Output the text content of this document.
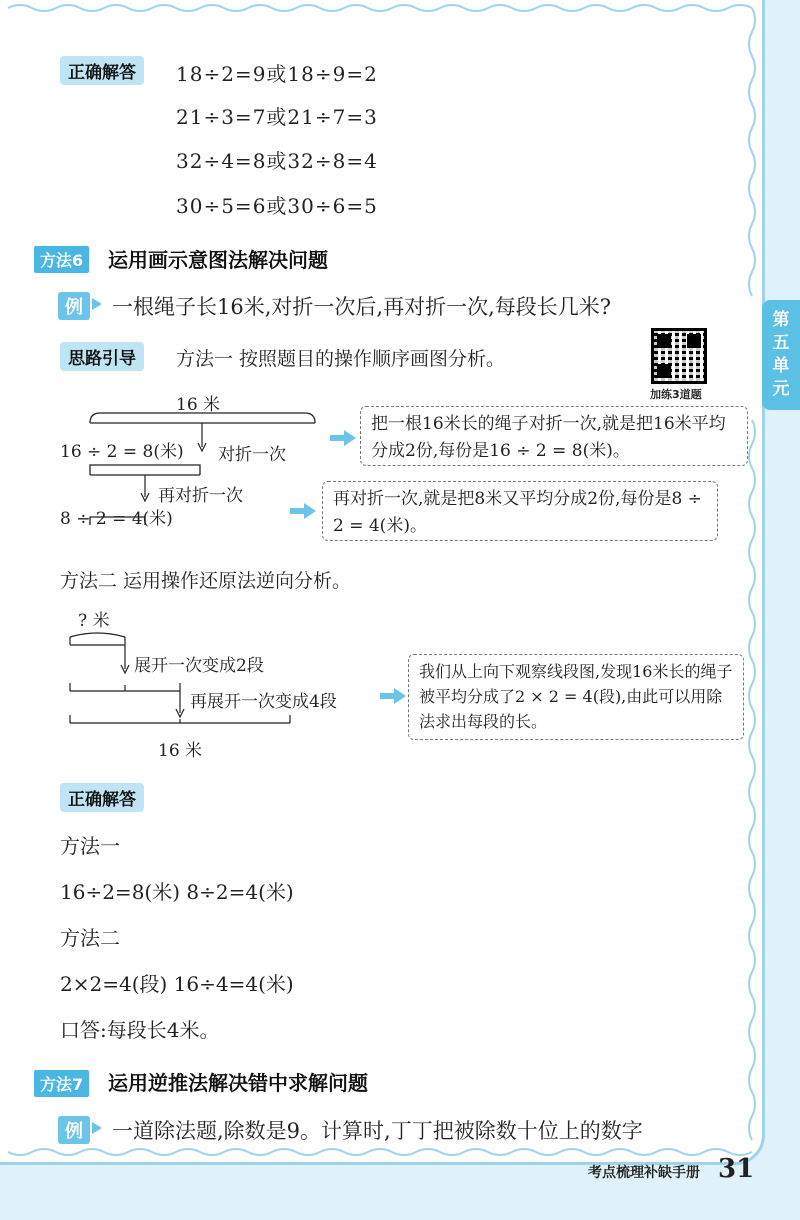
第五单元
正确解答	18÷2=9或18÷9=2
21÷3=7或21÷7=3
32÷4=8或32÷8=4
30÷5=6或30÷6=5
方法6	运用画示意图法解决问题
例	一根绳子长16米,对折一次后,再对折一次,每段长几米?
思路引导	方法一 按照题目的操作顺序画图分析。
加练3道题
16 米
16 ÷ 2 = 8(米) 对折一次
再对折一次
8 ÷ 2 = 4(米)
把一根16米长的绳子对折一次,就是把16米平均分成2份,每份是16 ÷ 2 = 8(米)。
再对折一次,就是把8米又平均分成2份,每份是8 ÷ 2 = 4(米)。
方法二 运用操作还原法逆向分析。
? 米
展开一次变成2段
再展开一次变成4段
16 米
我们从上向下观察线段图,发现16米长的绳子被平均分成了2 × 2 = 4(段),由此可以用除法求出每段的长。
正确解答
方法一
16÷2=8(米) 8÷2=4(米)
方法二
2×2=4(段) 16÷4=4(米)
口答:每段长4米。
方法7	运用逆推法解决错中求解问题
例	一道除法题,除数是9。计算时,丁丁把被除数十位上的数字
考点梳理补缺手册 31
